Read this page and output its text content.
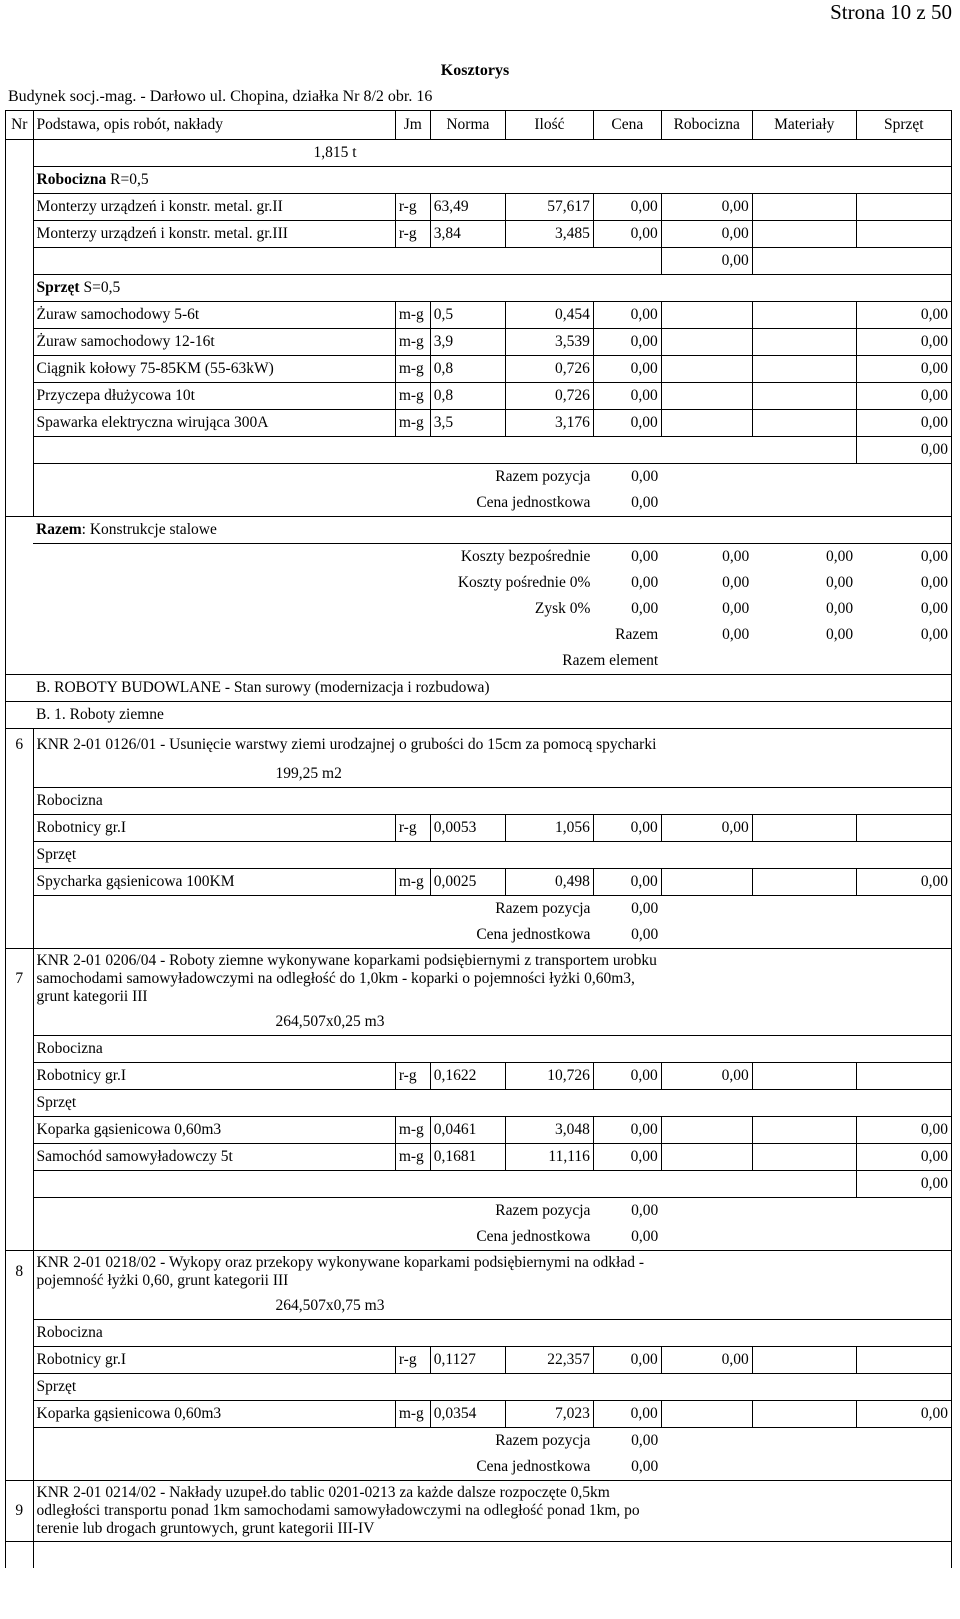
Strona 10 z 50
Kosztorys
Budynek socj.-mag. - Darłowo ul. Chopina, działka Nr 8/2 obr. 16
Nr	Podstawa, opis robót, nakłady	Jm	Norma	Ilość	Cena	Robocizna	Materiały	Sprzęt
	1,815 t							
	Robocizna R=0,5							
	Monterzy urządzeń i konstr. metal. gr.II	r-g	63,49	57,617	0,00	0,00		
	Monterzy urządzeń i konstr. metal. gr.III	r-g	3,84	3,485	0,00	0,00		
						0,00		
	Sprzęt S=0,5							
	Żuraw samochodowy 5-6t	m-g	0,5	0,454	0,00			0,00
	Żuraw samochodowy 12-16t	m-g	3,9	3,539	0,00			0,00
	Ciągnik kołowy 75-85KM (55-63kW)	m-g	0,8	0,726	0,00			0,00
	Przyczepa dłużycowa 10t	m-g	0,8	0,726	0,00			0,00
	Spawarka elektryczna wirująca 300A	m-g	3,5	3,176	0,00			0,00
								0,00
	Razem pozycja				0,00			
	Cena jednostkowa				0,00			
	Razem: Konstrukcje stalowe							
	Koszty bezpośrednie				0,00	0,00	0,00	0,00
	Koszty pośrednie 0%				0,00	0,00	0,00	0,00
	Zysk 0%				0,00	0,00	0,00	0,00
	Razem					0,00	0,00	0,00
	Razem element							
	B. ROBOTY BUDOWLANE - Stan surowy (modernizacja i rozbudowa)							
	B. 1. Roboty ziemne							
6	KNR 2-01 0126/01 - Usunięcie warstwy ziemi urodzajnej o grubości do 15cm za pomocą spycharki							
	199,25 m2							
	Robocizna							
	Robotnicy gr.I	r-g	0,0053	1,056	0,00	0,00		
	Sprzęt							
	Spycharka gąsienicowa 100KM	m-g	0,0025	0,498	0,00			0,00
	Razem pozycja				0,00			
	Cena jednostkowa				0,00			
7	KNR 2-01 0206/04 - Roboty ziemne wykonywane koparkami podsiębiernymi z transportem urobku samochodami samowyładowczymi na odległość do 1,0km - koparki o pojemności łyżki 0,60m3, grunt kategorii III							
	264,507x0,25 m3							
	Robocizna							
	Robotnicy gr.I	r-g	0,1622	10,726	0,00	0,00		
	Sprzęt							
	Koparka gąsienicowa 0,60m3	m-g	0,0461	3,048	0,00			0,00
	Samochód samowyładowczy 5t	m-g	0,1681	11,116	0,00			0,00
								0,00
	Razem pozycja				0,00			
	Cena jednostkowa				0,00			
8	KNR 2-01 0218/02 - Wykopy oraz przekopy wykonywane koparkami podsiębiernymi na odkład - pojemność łyżki 0,60, grunt kategorii III							
	264,507x0,75 m3							
	Robocizna							
	Robotnicy gr.I	r-g	0,1127	22,357	0,00	0,00		
	Sprzęt							
	Koparka gąsienicowa 0,60m3	m-g	0,0354	7,023	0,00			0,00
	Razem pozycja				0,00			
	Cena jednostkowa				0,00			
9	KNR 2-01 0214/02 - Nakłady uzupeł.do tablic 0201-0213 za każde dalsze rozpoczęte 0,5km odległości transportu ponad 1km samochodami samowyładowczymi na odległość ponad 1km, po terenie lub drogach gruntowych, grunt kategorii III-IV							
